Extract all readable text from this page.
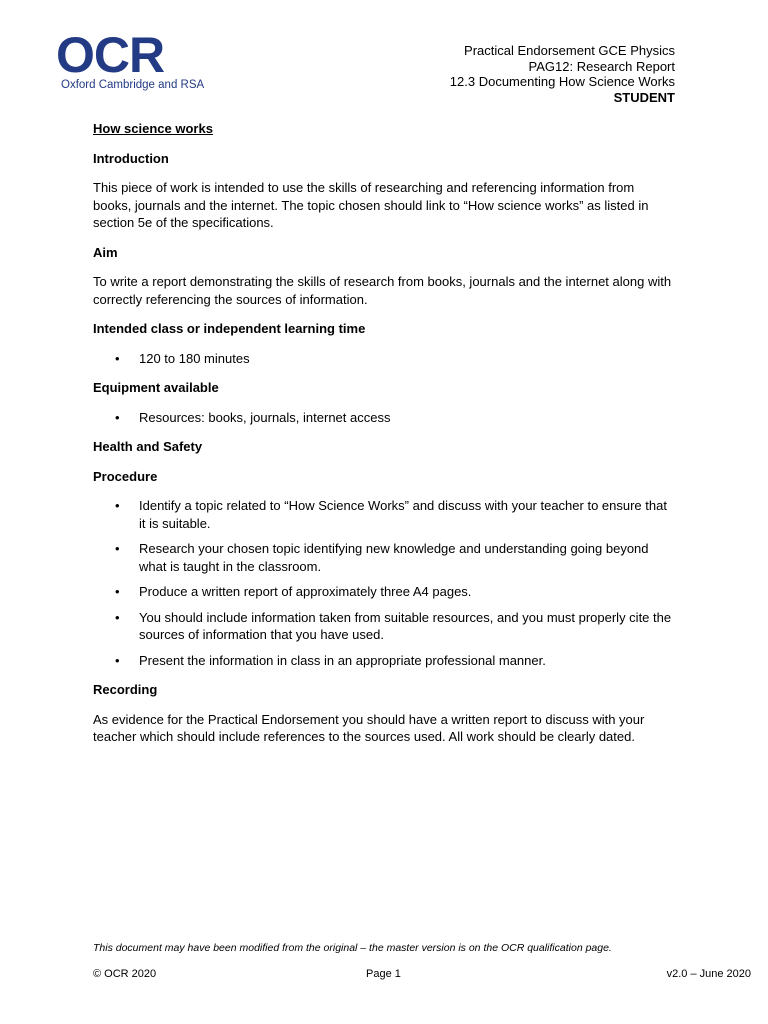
OCR
Oxford Cambridge and RSA
Practical Endorsement GCE Physics
PAG12: Research Report
12.3 Documenting How Science Works
STUDENT
How science works
Introduction

This piece of work is intended to use the skills of researching and referencing information from books, journals and the internet. The topic chosen should link to “How science works” as listed in section 5e of the specifications.

Aim

To write a report demonstrating the skills of research from books, journals and the internet along with correctly referencing the sources of information.

Intended class or independent learning time
• 120 to 180 minutes
Equipment available
• Resources: books, journals, internet access
Health and Safety
Procedure
• Identify a topic related to “How Science Works” and discuss with your teacher to ensure that it is suitable.
• Research your chosen topic identifying new knowledge and understanding going beyond what is taught in the classroom.
• Produce a written report of approximately three A4 pages.
• You should include information taken from suitable resources, and you must properly cite the sources of information that you have used.
• Present the information in class in an appropriate professional manner.
Recording

As evidence for the Practical Endorsement you should have a written report to discuss with your teacher which should include references to the sources used. All work should be clearly dated.

This document may have been modified from the original – the master version is on the OCR qualification page.
© OCR 2020	Page 1	v2.0 – June 2020
